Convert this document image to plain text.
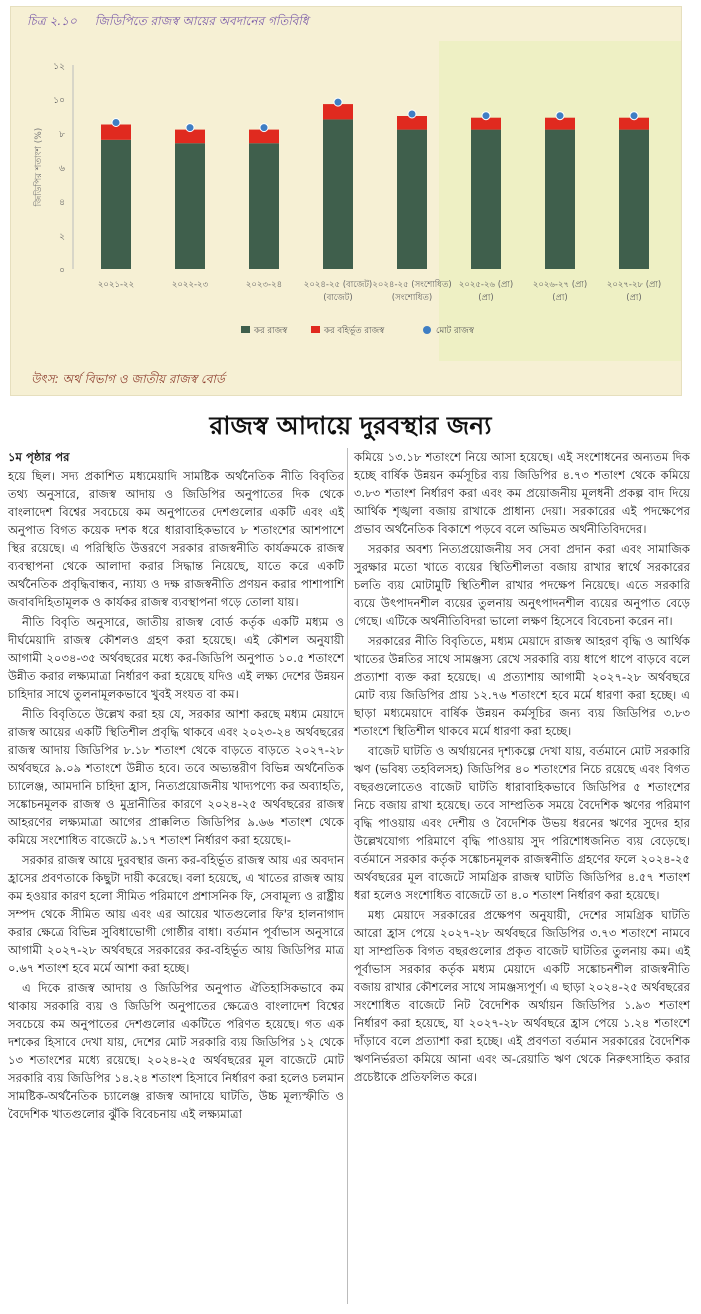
০
২
৪
৬
৮
১০
১২
জিডিপির শতাংশ (%)
২০২১-২২	২০২২-২৩	২০২৩-২৪	২০২৪-২৫ (বাজেট)
(বাজেট)
২০২৪-২৫ (সংশোধিত)
(সংশোধিত)
২০২৫-২৬ (প্রা)
(প্রা)
২০২৬-২৭ (প্রা)
(প্রা)
২০২৭-২৮ (প্রা)
(প্রা)
কর রাজস্ব	কর বহির্ভূত রাজস্ব	মোট রাজস্ব
চিত্র ২.১০ জিডিপিতে রাজস্ব আয়ের অবদানের গতিবিধি
উৎস: অর্থ বিভাগ ও জাতীয় রাজস্ব বোর্ড
রাজস্ব আদায়ে দুরবস্থার জন্য
১ম পৃষ্ঠার পর

হয়ে ছিল। সদ্য প্রকাশিত মধ্যমেয়াদি সামষ্টিক অর্থনৈতিক নীতি বিবৃতির তথ্য অনুসারে, রাজস্ব আদায় ও জিডিপির অনুপাতের দিক থেকে বাংলাদেশ বিশ্বের সবচেয়ে কম অনুপাতের দেশগুলোর একটি এবং এই অনুপাত বিগত কয়েক দশক ধরে ধারাবাহিকভাবে ৮ শতাংশের আশপাশে স্থির রয়েছে। এ পরিস্থিতি উত্তরণে সরকার রাজস্বনীতি কার্যক্রমকে রাজস্ব ব্যবস্থাপনা থেকে আলাদা করার সিদ্ধান্ত নিয়েছে, যাতে করে একটি অর্থনৈতিক প্রবৃদ্ধিবান্ধব, ন্যায্য ও দক্ষ রাজস্বনীতি প্রণয়ন করার পাশাপাশি জবাবদিহিতামূলক ও কার্যকর রাজস্ব ব্যবস্থাপনা গড়ে তোলা যায়।

নীতি বিবৃতি অনুসারে, জাতীয় রাজস্ব বোর্ড কর্তৃক একটি মধ্যম ও দীর্ঘমেয়াদি রাজস্ব কৌশলও গ্রহণ করা হয়েছে। এই কৌশল অনুযায়ী আগামী ২০৩৪-৩৫ অর্থবছরের মধ্যে কর-জিডিপি অনুপাত ১০.৫ শতাংশে উন্নীত করার লক্ষ্যমাত্রা নির্ধারণ করা হয়েছে যদিও এই লক্ষ্য দেশের উন্নয়ন চাহিদার সাথে তুলনামূলকভাবে খুবই সংযত বা কম।

নীতি বিবৃতিতে উল্লেখ করা হয় যে, সরকার আশা করছে মধ্যম মেয়াদে রাজস্ব আয়ের একটি স্থিতিশীল প্রবৃদ্ধি থাকবে এবং ২০২৩-২৪ অর্থবছরের রাজস্ব আদায় জিডিপির ৮.১৮ শতাংশ থেকে বাড়তে বাড়তে ২০২৭-২৮ অর্থবছরে ৯.০৯ শতাংশে উন্নীত হবে। তবে অভ্যন্তরীণ বিভিন্ন অর্থনৈতিক চ্যালেঞ্জ, আমদানি চাহিদা হ্রাস, নিত্যপ্রয়োজনীয় খাদ্যপণ্যে কর অব্যাহতি, সঙ্কোচনমূলক রাজস্ব ও মুদ্রানীতির কারণে ২০২৪-২৫ অর্থবছরের রাজস্ব আহরণের লক্ষ্যমাত্রা আগের প্রাক্কলিত জিডিপির ৯.৬৬ শতাংশ থেকে কমিয়ে সংশোধিত বাজেটে ৯.১৭ শতাংশ নির্ধারণ করা হয়েছে।-

সরকার রাজস্ব আয়ে দুরবস্থার জন্য কর-বহির্ভূত রাজস্ব আয় এর অবদান হ্রাসের প্রবণতাকে কিছুটা দায়ী করেছে। বলা হয়েছে, এ খাতের রাজস্ব আয় কম হওয়ার কারণ হলো সীমিত পরিমাণে প্রশাসনিক ফি, সেবামূল্য ও রাষ্ট্রীয় সম্পদ থেকে সীমিত আয় এবং এর আয়ের খাতগুলোর ফি'র হালনাগাদ করার ক্ষেত্রে বিভিন্ন সুবিধাভোগী গোষ্ঠীর বাধা। বর্তমান পূর্বাভাস অনুসারে আগামী ২০২৭-২৮ অর্থবছরে সরকারের কর-বহির্ভূত আয় জিডিপির মাত্র ০.৬৭ শতাংশ হবে মর্মে আশা করা হচ্ছে।

এ দিকে রাজস্ব আদায় ও জিডিপির অনুপাত ঐতিহাসিকভাবে কম থাকায় সরকারি ব্যয় ও জিডিপি অনুপাতের ক্ষেত্রেও বাংলাদেশ বিশ্বের সবচেয়ে কম অনুপাতের দেশগুলোর একটিতে পরিণত হয়েছে। গত এক দশকের হিসাবে দেখা যায়, দেশের মোট সরকারি ব্যয় জিডিপির ১২ থেকে ১৩ শতাংশের মধ্যে রয়েছে। ২০২৪-২৫ অর্থবছরের মূল বাজেটে মোট সরকারি ব্যয় জিডিপির ১৪.২৪ শতাংশ হিসাবে নির্ধারণ করা হলেও চলমান সামষ্টিক-অর্থনৈতিক চ্যালেঞ্জ রাজস্ব আদায়ে ঘাটতি, উচ্চ মূল্যস্ফীতি ও বৈদেশিক খাতগুলোর ঝুঁকি বিবেচনায় এই লক্ষ্যমাত্রা

কমিয়ে ১৩.১৮ শতাংশে নিয়ে আসা হয়েছে। এই সংশোধনের অন্যতম দিক হচ্ছে বার্ষিক উন্নয়ন কর্মসূচির ব্যয় জিডিপির ৪.৭৩ শতাংশ থেকে কমিয়ে ৩.৮৩ শতাংশ নির্ধারণ করা এবং কম প্রয়োজনীয় মূলধনী প্রকল্প বাদ দিয়ে আর্থিক শৃঙ্খলা বজায় রাখাকে প্রাধান্য দেয়া। সরকারের এই পদক্ষেপের প্রভাব অর্থনৈতিক বিকাশে পড়বে বলে অভিমত অর্থনীতিবিদদের।

সরকার অবশ্য নিত্যপ্রয়োজনীয় সব সেবা প্রদান করা এবং সামাজিক সুরক্ষার মতো খাতে ব্যয়ের স্থিতিশীলতা বজায় রাখার স্বার্থে সরকারের চলতি ব্যয় মোটামুটি স্থিতিশীল রাখার পদক্ষেপ নিয়েছে। এতে সরকারি ব্যয়ে উৎপাদনশীল ব্যয়ের তুলনায় অনুৎপাদনশীল ব্যয়ের অনুপাত বেড়ে গেছে। এটিকে অর্থনীতিবিদরা ভালো লক্ষণ হিসেবে বিবেচনা করেন না।

সরকারের নীতি বিবৃতিতে, মধ্যম মেয়াদে রাজস্ব আহরণ বৃদ্ধি ও আর্থিক খাতের উন্নতির সাথে সামঞ্জস্য রেখে সরকারি ব্যয় ধাপে ধাপে বাড়বে বলে প্রত্যাশা ব্যক্ত করা হয়েছে। এ প্রত্যাশায় আগামী ২০২৭-২৮ অর্থবছরে মোট ব্যয় জিডিপির প্রায় ১২.৭৬ শতাংশে হবে মর্মে ধারণা করা হচ্ছে। এ ছাড়া মধ্যমেয়াদে বার্ষিক উন্নয়ন কর্মসূচির জন্য ব্যয় জিডিপির ৩.৮৩ শতাংশে স্থিতিশীল থাকবে মর্মে ধারণা করা হচ্ছে।

বাজেট ঘাটতি ও অর্থায়নের দৃশ্যকল্পে দেখা যায়, বর্তমানে মোট সরকারি ঋণ (ভবিষ্য তহবিলসহ) জিডিপির ৪০ শতাংশের নিচে রয়েছে এবং বিগত বছরগুলোতেও বাজেট ঘাটতি ধারাবাহিকভাবে জিডিপির ৫ শতাংশের নিচে বজায় রাখা হয়েছে। তবে সাম্প্রতিক সময়ে বৈদেশিক ঋণের পরিমাণ বৃদ্ধি পাওয়ায় এবং দেশীয় ও বৈদেশিক উভয় ধরনের ঋণের সুদের হার উল্লেখযোগ্য পরিমাণে বৃদ্ধি পাওয়ায় সুদ পরিশোধজনিত ব্যয় বেড়েছে। বর্তমানে সরকার কর্তৃক সঙ্কোচনমূলক রাজস্বনীতি গ্রহণের ফলে ২০২৪-২৫ অর্থবছরের মূল বাজেটে সামগ্রিক রাজস্ব ঘাটতি জিডিপির ৪.৫৭ শতাংশ ধরা হলেও সংশোধিত বাজেটে তা ৪.০ শতাংশ নির্ধারণ করা হয়েছে।

মধ্য মেয়াদে সরকারের প্রক্ষেপণ অনুযায়ী, দেশের সামগ্রিক ঘাটতি আরো হ্রাস পেয়ে ২০২৭-২৮ অর্থবছরে জিডিপির ৩.৭৩ শতাংশে নামবে যা সাম্প্রতিক বিগত বছরগুলোর প্রকৃত বাজেট ঘাটতির তুলনায় কম। এই পূর্বাভাস সরকার কর্তৃক মধ্যম মেয়াদে একটি সঙ্কোচনশীল রাজস্বনীতি বজায় রাখার কৌশলের সাথে সামঞ্জস্যপূর্ণ। এ ছাড়া ২০২৪-২৫ অর্থবছরের সংশোধিত বাজেটে নিট বৈদেশিক অর্থায়ন জিডিপির ১.৯৩ শতাংশ নির্ধারণ করা হয়েছে, যা ২০২৭-২৮ অর্থবছরে হ্রাস পেয়ে ১.২৪ শতাংশে দাঁড়াবে বলে প্রত্যাশা করা হচ্ছে। এই প্রবণতা বর্তমান সরকারের বৈদেশিক ঋণনির্ভরতা কমিয়ে আনা এবং অ-রেয়াতি ঋণ থেকে নিরুৎসাহিত করার প্রচেষ্টাকে প্রতিফলিত করে।
